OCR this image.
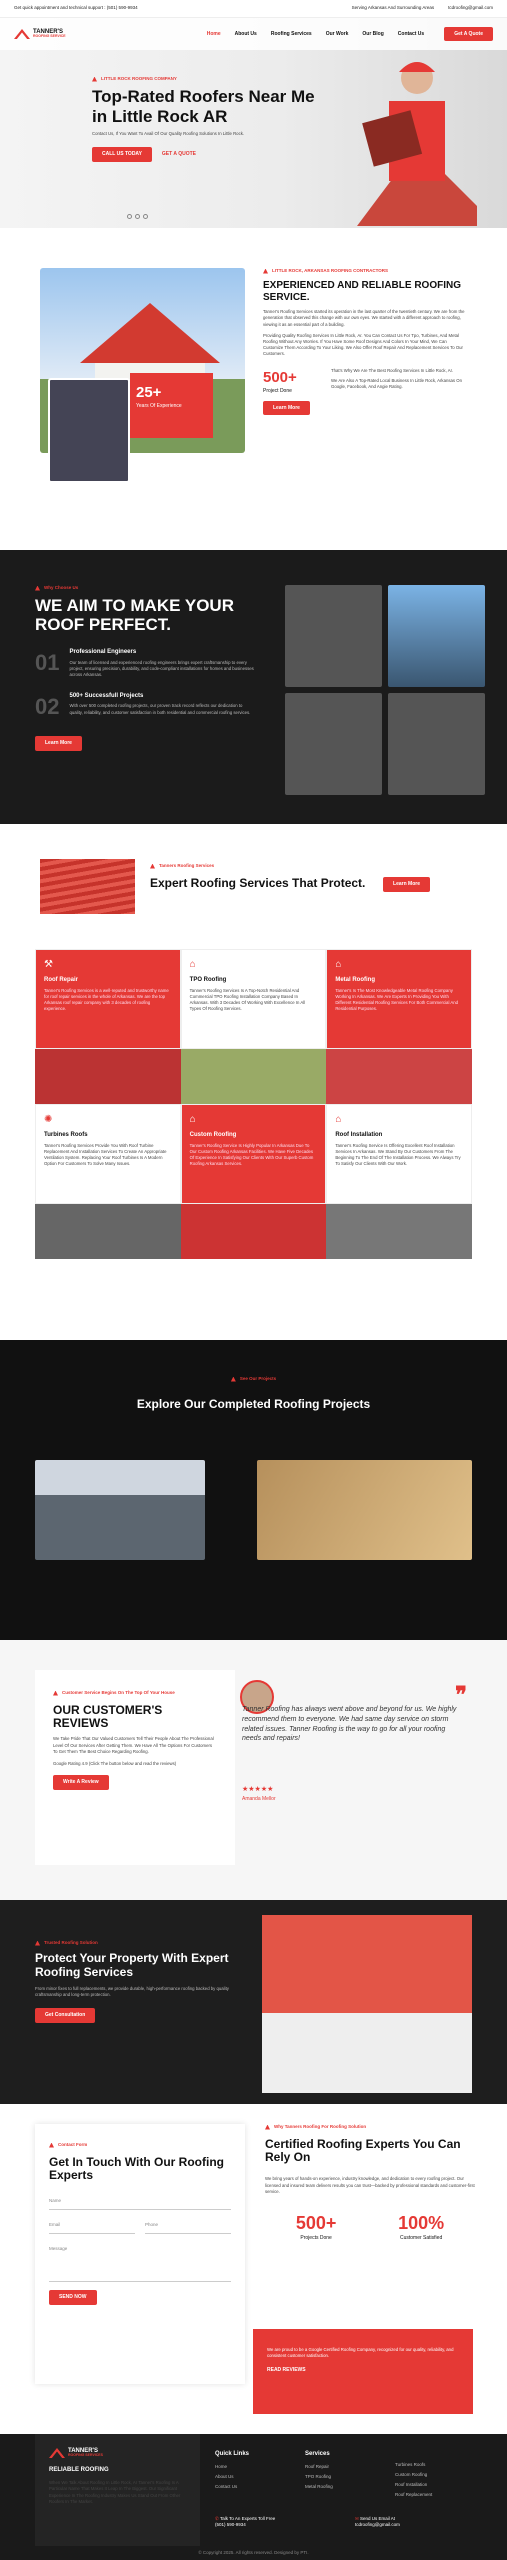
Get quick appointment and technical support : (501) 590-9934	Serving Arkansas And Surrounding Areas	tcdroofing@gmail.com
LITTLE ROCK ROOFING COMPANY
Top-Rated Roofers Near Me in Little Rock AR

Contact Us, If You Want To Avail Of Our Quality Roofing Solutions In Little Rock.

CALL US TODAY	GET A QUOTE
TANNER'S
ROOFING SERVICE	Home	About Us	Roofing Services	Our Work	Our Blog	Contact Us	Get A Quote
25+
Years Of Experience
LITTLE ROCK, ARKANSAS ROOFING CONTRACTORS
EXPERIENCED AND RELIABLE ROOFING SERVICE.

Tanner's Roofing Services started its operation in the last quarter of the twentieth century. We are from the generation that observed this change with our own eyes. We started with a different approach to roofing, viewing it as an essential part of a building.

Providing Quality Roofing Services In Little Rock, Ar. You Can Contact Us For Tpo, Turbines, And Metal Roofing Without Any Worries. If You Have Some Roof Designs And Colors In Your Mind, We Can Customize Them According To Your Liking. We Also Offer Roof Repair And Replacement Services To Our Customers.

500+
Project Done
Learn More

That's Why We Are The Best Roofing Services In Little Rock, Ar.

We Are Also A Top-Rated Local Business In Little Rock, Arkansas On Google, Facebook, And Angie Rating.

Why Choose Us
WE AIM TO MAKE YOUR ROOF PERFECT.
01 Professional Engineers

Our team of licensed and experienced roofing engineers brings expert craftsmanship to every project, ensuring precision, durability, and code-compliant installations for homes and businesses across Arkansas.

02 500+ Successfull Projects

With over 500 completed roofing projects, our proven track record reflects our dedication to quality, reliability, and customer satisfaction in both residential and commercial roofing services.

Learn More
Tanners Roofing Services
Expert Roofing Services That Protect.	Learn More
⚒
Roof Repair

Tanner's Roofing Services is a well-reputed and trustworthy name for roof repair services in the whole of Arkansas. We are the top Arkansas roof repair company with 3 decades of roofing experience.

⌂
TPO Roofing

Tanner's Roofing Services Is A Top-Notch Residential And Commercial TPO Roofing Installation Company Based In Arkansas. With 3 Decades Of Working With Excellence In All Types Of Roofing Services.

⌂
Metal Roofing

Tanner's Is The Most Knowledgeable Metal Roofing Company Working In Arkansas. We Are Experts In Providing You With Different Residential Roofing Services For Both Commercial And Residential Purposes.

✺
Turbines Roofs

Tanner's Roofing Services Provide You With Roof Turbine Replacement And Installation Services To Create An Appropriate Ventilation System. Replacing Your Roof Turbines Is A Modern Option For Customers To Solve Many Issues.

⌂
Custom Roofing

Tanner's Roofing Service Is Highly Popular In Arkansas Due To Our Custom Roofing Arkansas Facilities. We Have Five Decades Of Experience In Satisfying Our Clients With Our Superb Custom Roofing Arkansas Services.

⌂
Roof Installation

Tanner's Roofing Service Is Offering Excellent Roof Installation Services In Arkansas. We Stand By Our Customers From The Beginning To The End Of The Installation Process. We Always Try To Satisfy Our Clients With Our Work.

See Our Projects
Explore Our Completed Roofing Projects
Customer Service Begins On The Top Of Your House
OUR CUSTOMER'S REVIEWS

We Take Pride That Our Valued Customers Tell Their People About The Professional Level Of Our Services After Getting Them. We Have All The Options For Customers To Get Them The Best Choice Regarding Roofing.

Google Rating 4.9 (Click The button below and read the reviews)

Write A Review
❞
Tanner Roofing has always went above and beyond for us. We highly recommend them to everyone. We had same day service on storm related issues. Tanner Roofing is the way to go for all your roofing needs and repairs!
★★★★★
Amanda Mellor
Trusted Roofing Solution
Protect Your Property With Expert Roofing Services

From minor fixes to full replacements, we provide durable, high-performance roofing backed by quality craftsmanship and long-term protection.

Get Consultation
Contact Form
Get In Touch With Our Roofing Experts
Name
Email	Phone
Message
SEND NOW
Why Tanners Roofing For Roofing Solution
Certified Roofing Experts You Can Rely On

We bring years of hands-on experience, industry knowledge, and dedication to every roofing project. Our licensed and insured team delivers results you can trust—backed by professional standards and customer-first service.

500+
Projects Done
100%
Customer Satisfied

We are proud to be a Google Certified Roofing Company, recognized for our quality, reliability, and consistent customer satisfaction.

READ REVIEWS
TANNER'S
ROOFING SERVICES
RELIABLE ROOFING

When We Talk About Roofing In Little Rock, Ar Tanner's Roofing Is A Particular Name That Makes It Leap In The Biggest. Our Significant Experience In The Roofing Industry Makes Us Stand Out From Other Roofers In The Market.

Quick Links
Home
About Us
Contact Us
Services
Roof Repair
TPO Roofing
Metal Roofing
Turbines Roofs
Custom Roofing
Roof Installation
Roof Replacement
✆ Talk To An Experts Toll Free
(501) 590-9934
✉ Send Us Email At
tcdroofing@gmail.com
© Copyright 2025. All rights reserved. Designed by PTI.
